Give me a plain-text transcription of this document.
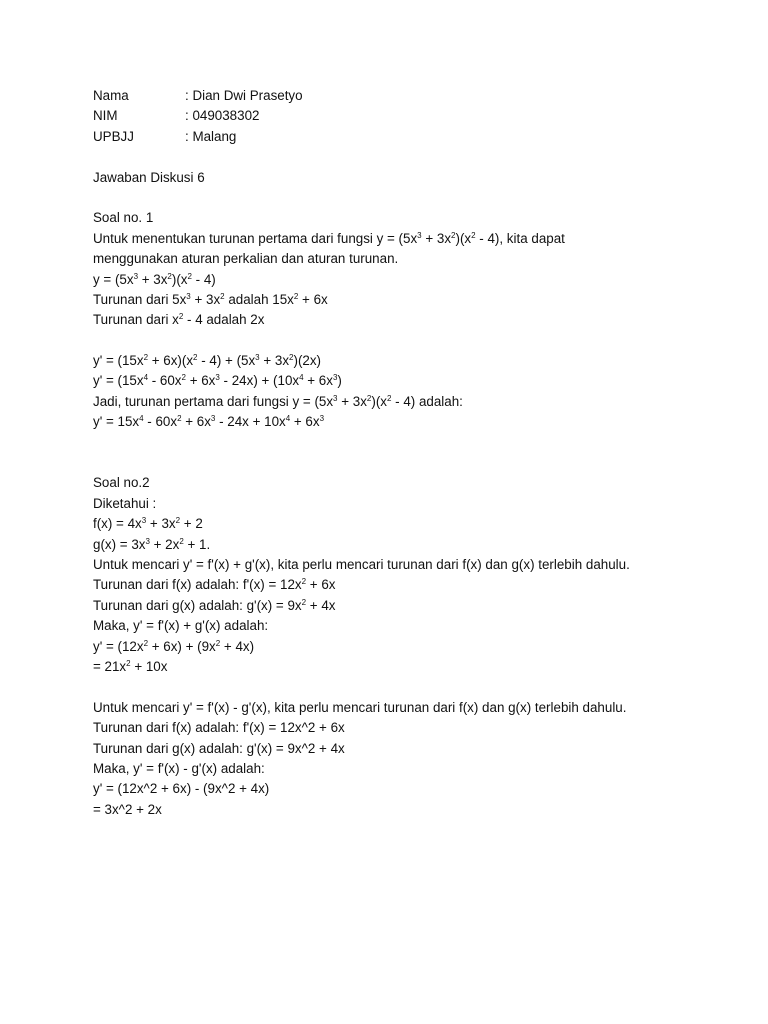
Nama	: Dian Dwi Prasetyo
NIM	: 049038302
UPBJJ	: Malang
Jawaban Diskusi 6
Soal no. 1
Untuk menentukan turunan pertama dari fungsi $y = (5x^3 + 3x^2)(x^2 - 4)$, kita dapat
menggunakan aturan perkalian dan aturan turunan.
$y = (5x^3 + 3x^2)(x^2 - 4)$
Turunan dari $5x^3 + 3x^2$ adalah $15x^2 + 6x$
Turunan dari $x^2 - 4$ adalah 2x
$y' = (15x^2 + 6x)(x^2 - 4) + (5x^3 + 3x^2)(2x)$
$y' = (15x^4 - 60x^2 + 6x^3 - 24x) + (10x^4 + 6x^3)$
Jadi, turunan pertama dari fungsi $y = (5x^3 + 3x^2)(x^2 - 4)$ adalah:
$y' = 15x^4 - 60x^2 + 6x^3 - 24x + 10x^4 + 6x^3$
Soal no.2
Diketahui :
$f(x) = 4x^3 + 3x^2 + 2$
$g(x) = 3x^3 + 2x^2 + 1$.
Untuk mencari y' = f'(x) + g'(x), kita perlu mencari turunan dari f(x) dan g(x) terlebih dahulu.
Turunan dari f(x) adalah: $f'(x) = 12x^2 + 6x$
Turunan dari g(x) adalah: $g'(x) = 9x^2 + 4x$
Maka, y' = f'(x) + g'(x) adalah:
$y' = (12x^2 + 6x) + (9x^2 + 4x)$
= $21x^2 + 10x$
Untuk mencari y' = f'(x) - g'(x), kita perlu mencari turunan dari f(x) dan g(x) terlebih dahulu.
Turunan dari f(x) adalah: f'(x) = 12x^2 + 6x
Turunan dari g(x) adalah: g'(x) = 9x^2 + 4x
Maka, y' = f'(x) - g'(x) adalah:
y' = (12x^2 + 6x) - (9x^2 + 4x)
= 3x^2 + 2x
